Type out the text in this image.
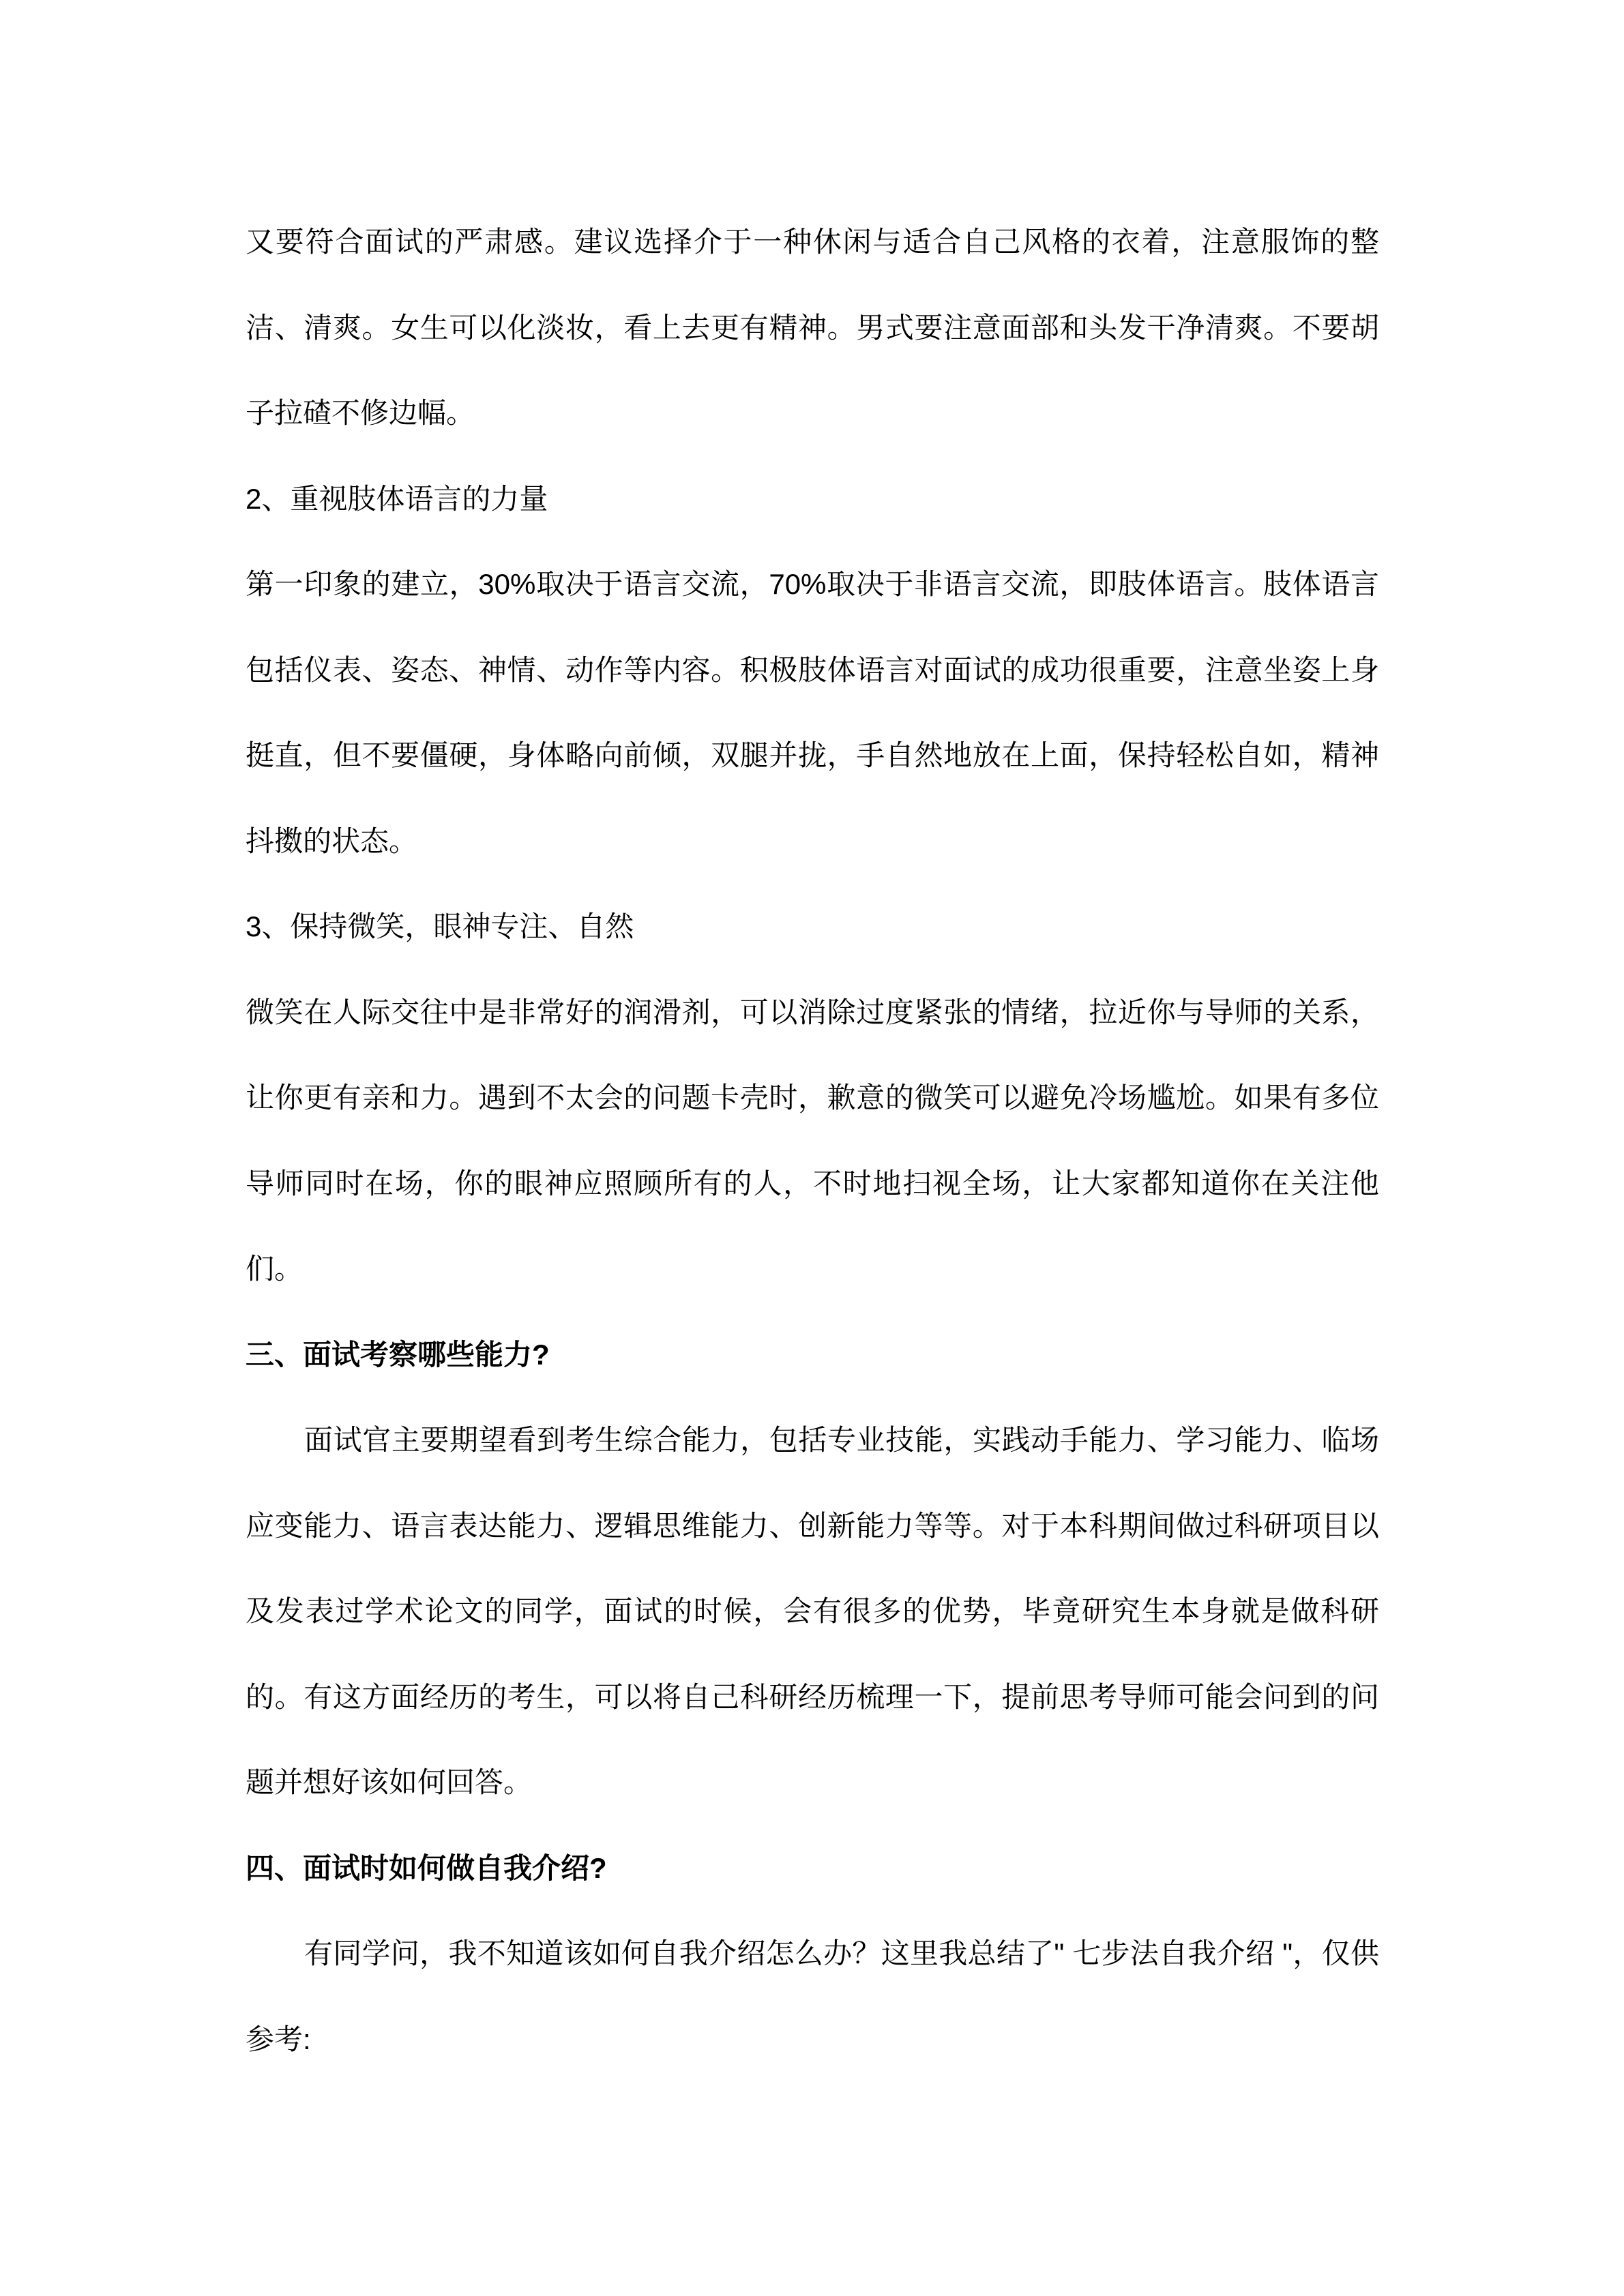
又要符合面试的严肃感。建议选择介于一种休闲与适合自己风格的衣着，注意服饰的整洁、清爽。女生可以化淡妆，看上去更有精神。男式要注意面部和头发干净清爽。不要胡子拉碴不修边幅。

2、重视肢体语言的力量

第一印象的建立，30%取决于语言交流，70%取决于非语言交流，即肢体语言。肢体语言包括仪表、姿态、神情、动作等内容。积极肢体语言对面试的成功很重要，注意坐姿上身挺直，但不要僵硬，身体略向前倾，双腿并拢，手自然地放在上面，保持轻松自如，精神抖擞的状态。

3、保持微笑，眼神专注、自然

微笑在人际交往中是非常好的润滑剂，可以消除过度紧张的情绪，拉近你与导师的关系，让你更有亲和力。遇到不太会的问题卡壳时，歉意的微笑可以避免冷场尴尬。如果有多位导师同时在场，你的眼神应照顾所有的人，不时地扫视全场，让大家都知道你在关注他们。

三、面试考察哪些能力?

面试官主要期望看到考生综合能力，包括专业技能，实践动手能力、学习能力、临场应变能力、语言表达能力、逻辑思维能力、创新能力等等。对于本科期间做过科研项目以及发表过学术论文的同学，面试的时候，会有很多的优势，毕竟研究生本身就是做科研的。有这方面经历的考生，可以将自己科研经历梳理一下，提前思考导师可能会问到的问题并想好该如何回答。

四、面试时如何做自我介绍?

有同学问，我不知道该如何自我介绍怎么办？这里我总结了" 七步法自我介绍 "，仅供参考:
